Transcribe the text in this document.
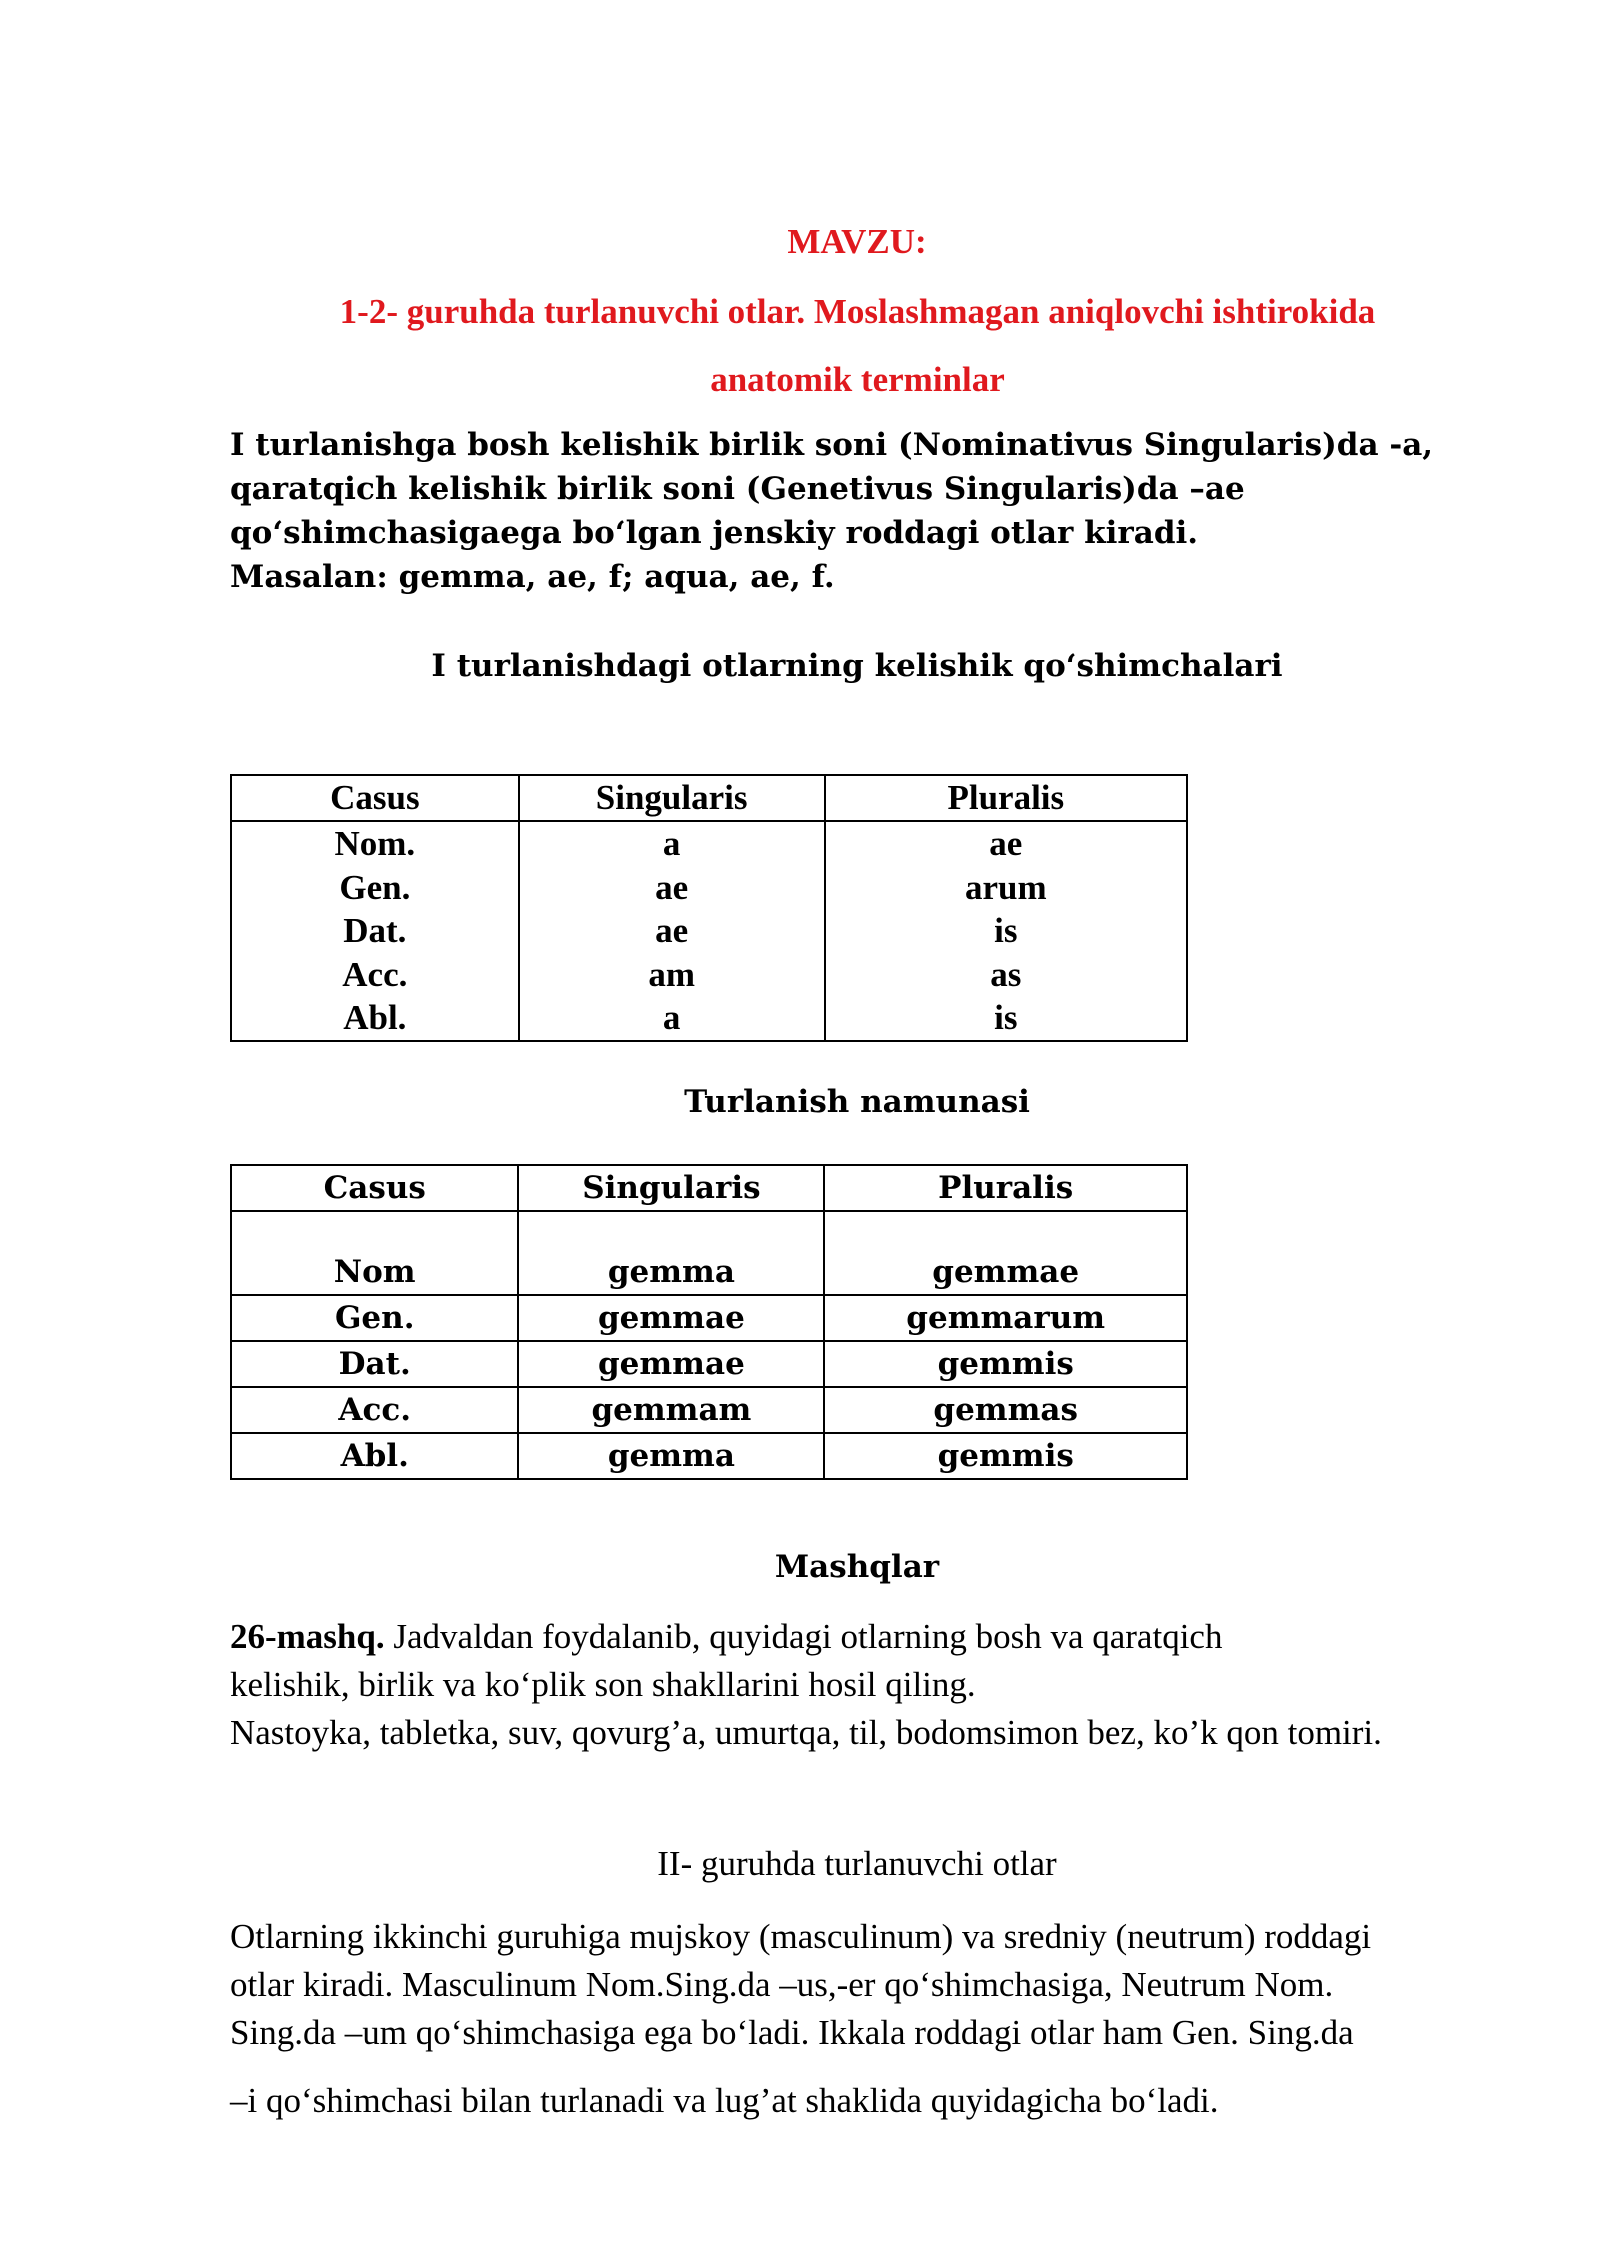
MAVZU:
1-2- guruhda turlanuvchi otlar. Moslashmagan aniqlovchi ishtirokida
anatomik terminlar

I turlanishga bosh kelishik birlik soni (Nominativus Singularis)da -a,

qaratqich kelishik birlik soni (Genetivus Singularis)da –ae

qo‘shimchasigaega bo‘lgan jenskiy roddagi otlar kiradi.

Masalan: gemma, ae, f; aqua, ae, f.

I turlanishdagi otlarning kelishik qo‘shimchalari
Casus	Singularis	Pluralis
Nom.	a	ae
Gen.	ae	arum
Dat.	ae	is
Acc.	am	as
Abl.	a	is
Turlanish namunasi
Casus	Singularis	Pluralis
Nom	gemma	gemmae
Gen.	gemmae	gemmarum
Dat.	gemmae	gemmis
Acc.	gemmam	gemmas
Abl.	gemma	gemmis
Mashqlar

26-mashq. Jadvaldan foydalanib, quyidagi otlarning bosh va qaratqich

kelishik, birlik va ko‘plik son shakllarini hosil qiling.

Nastoyka, tabletka, suv, qovurg’a, umurtqa, til, bodomsimon bez, ko’k qon tomiri.

II- guruhda turlanuvchi otlar

Otlarning ikkinchi guruhiga mujskoy (masculinum) va sredniy (neutrum) roddagi

otlar kiradi. Masculinum Nom.Sing.da –us,-er qo‘shimchasiga, Neutrum Nom.

Sing.da –um qo‘shimchasiga ega bo‘ladi. Ikkala roddagi otlar ham Gen. Sing.da

–i qo‘shimchasi bilan turlanadi va lug’at shaklida quyidagicha bo‘ladi.
